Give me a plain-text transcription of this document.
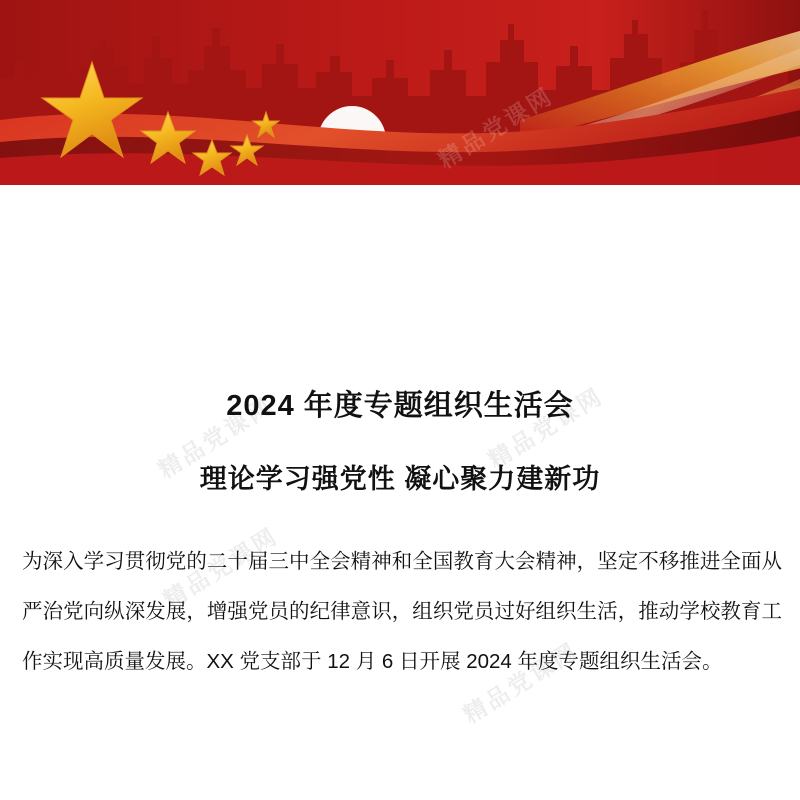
精品党课网	精品党课网
精品党课网
精品党课网
2024 年度专题组织生活会
理论学习强党性 凝心聚力建新功
为深入学习贯彻党的二十届三中全会精神和全国教育大会精神，坚定不移推进全面从严治党向纵深发展，增强党员的纪律意识，组织党员过好组织生活，推动学校教育工作实现高质量发展。XX 党支部于 12 月 6 日开展 2024 年度专题组织生活会。
